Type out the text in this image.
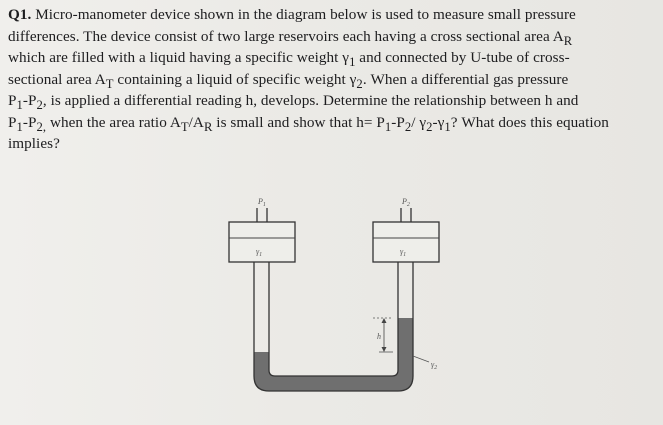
Q1. Micro-manometer device shown in the diagram below is used to measure small pressure
differences. The device consist of two large reservoirs each having a cross sectional area $A_R$
which are filled with a liquid having a specific weight $\gamma_1$ and connected by U-tube of cross-
sectional area $A_T$ containing a liquid of specific weight $\gamma_2$. When a differential gas pressure
$P_1-P_2$, is applied a differential reading h, develops. Determine the relationship between h and
$P_1-P_{2,}$ when the area ratio $A_T/A_R$ is small and show that $h= P_1-P_2/$ $\gamma_2-\gamma_1$? What does this equation
implies?
$P_1$	$P_2$
$\gamma_1$	$\gamma_1$
h
$\gamma_2$
